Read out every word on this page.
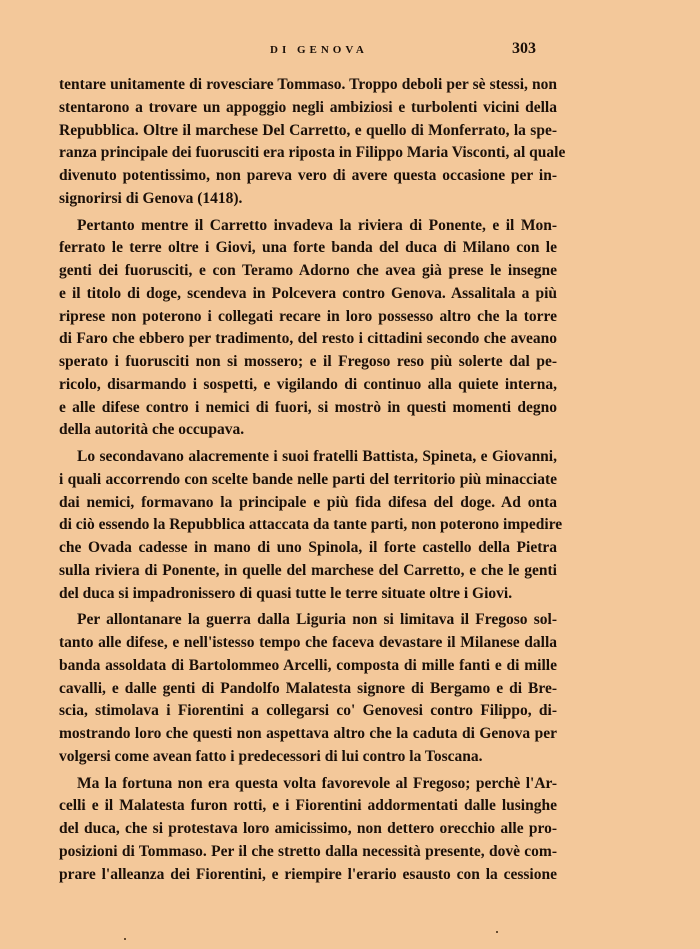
DI GENOVA	303
tentare unitamente di rovesciare Tommaso. Troppo deboli per sè stessi, non
stentarono a trovare un appoggio negli ambiziosi e turbolenti vicini della
Repubblica. Oltre il marchese Del Carretto, e quello di Monferrato, la spe-
ranza principale dei fuorusciti era riposta in Filippo Maria Visconti, al quale
divenuto potentissimo, non pareva vero di avere questa occasione per in-
signorirsi di Genova (1418).
Pertanto mentre il Carretto invadeva la riviera di Ponente, e il Mon-
ferrato le terre oltre i Giovi, una forte banda del duca di Milano con le
genti dei fuorusciti, e con Teramo Adorno che avea già prese le insegne
e il titolo di doge, scendeva in Polcevera contro Genova. Assalitala a più
riprese non poterono i collegati recare in loro possesso altro che la torre
di Faro che ebbero per tradimento, del resto i cittadini secondo che aveano
sperato i fuorusciti non si mossero; e il Fregoso reso più solerte dal pe-
ricolo, disarmando i sospetti, e vigilando di continuo alla quiete interna,
e alle difese contro i nemici di fuori, si mostrò in questi momenti degno
della autorità che occupava.
Lo secondavano alacremente i suoi fratelli Battista, Spineta, e Giovanni,
i quali accorrendo con scelte bande nelle parti del territorio più minacciate
dai nemici, formavano la principale e più fida difesa del doge. Ad onta
di ciò essendo la Repubblica attaccata da tante parti, non poterono impedire
che Ovada cadesse in mano di uno Spinola, il forte castello della Pietra
sulla riviera di Ponente, in quelle del marchese del Carretto, e che le genti
del duca si impadronissero di quasi tutte le terre situate oltre i Giovi.
Per allontanare la guerra dalla Liguria non si limitava il Fregoso sol-
tanto alle difese, e nell'istesso tempo che faceva devastare il Milanese dalla
banda assoldata di Bartolommeo Arcelli, composta di mille fanti e di mille
cavalli, e dalle genti di Pandolfo Malatesta signore di Bergamo e di Bre-
scia, stimolava i Fiorentini a collegarsi co' Genovesi contro Filippo, di-
mostrando loro che questi non aspettava altro che la caduta di Genova per
volgersi come avean fatto i predecessori di lui contro la Toscana.
Ma la fortuna non era questa volta favorevole al Fregoso; perchè l'Ar-
celli e il Malatesta furon rotti, e i Fiorentini addormentati dalle lusinghe
del duca, che si protestava loro amicissimo, non dettero orecchio alle pro-
posizioni di Tommaso. Per il che stretto dalla necessità presente, dovè com-
prare l'alleanza dei Fiorentini, e riempire l'erario esausto con la cessione
